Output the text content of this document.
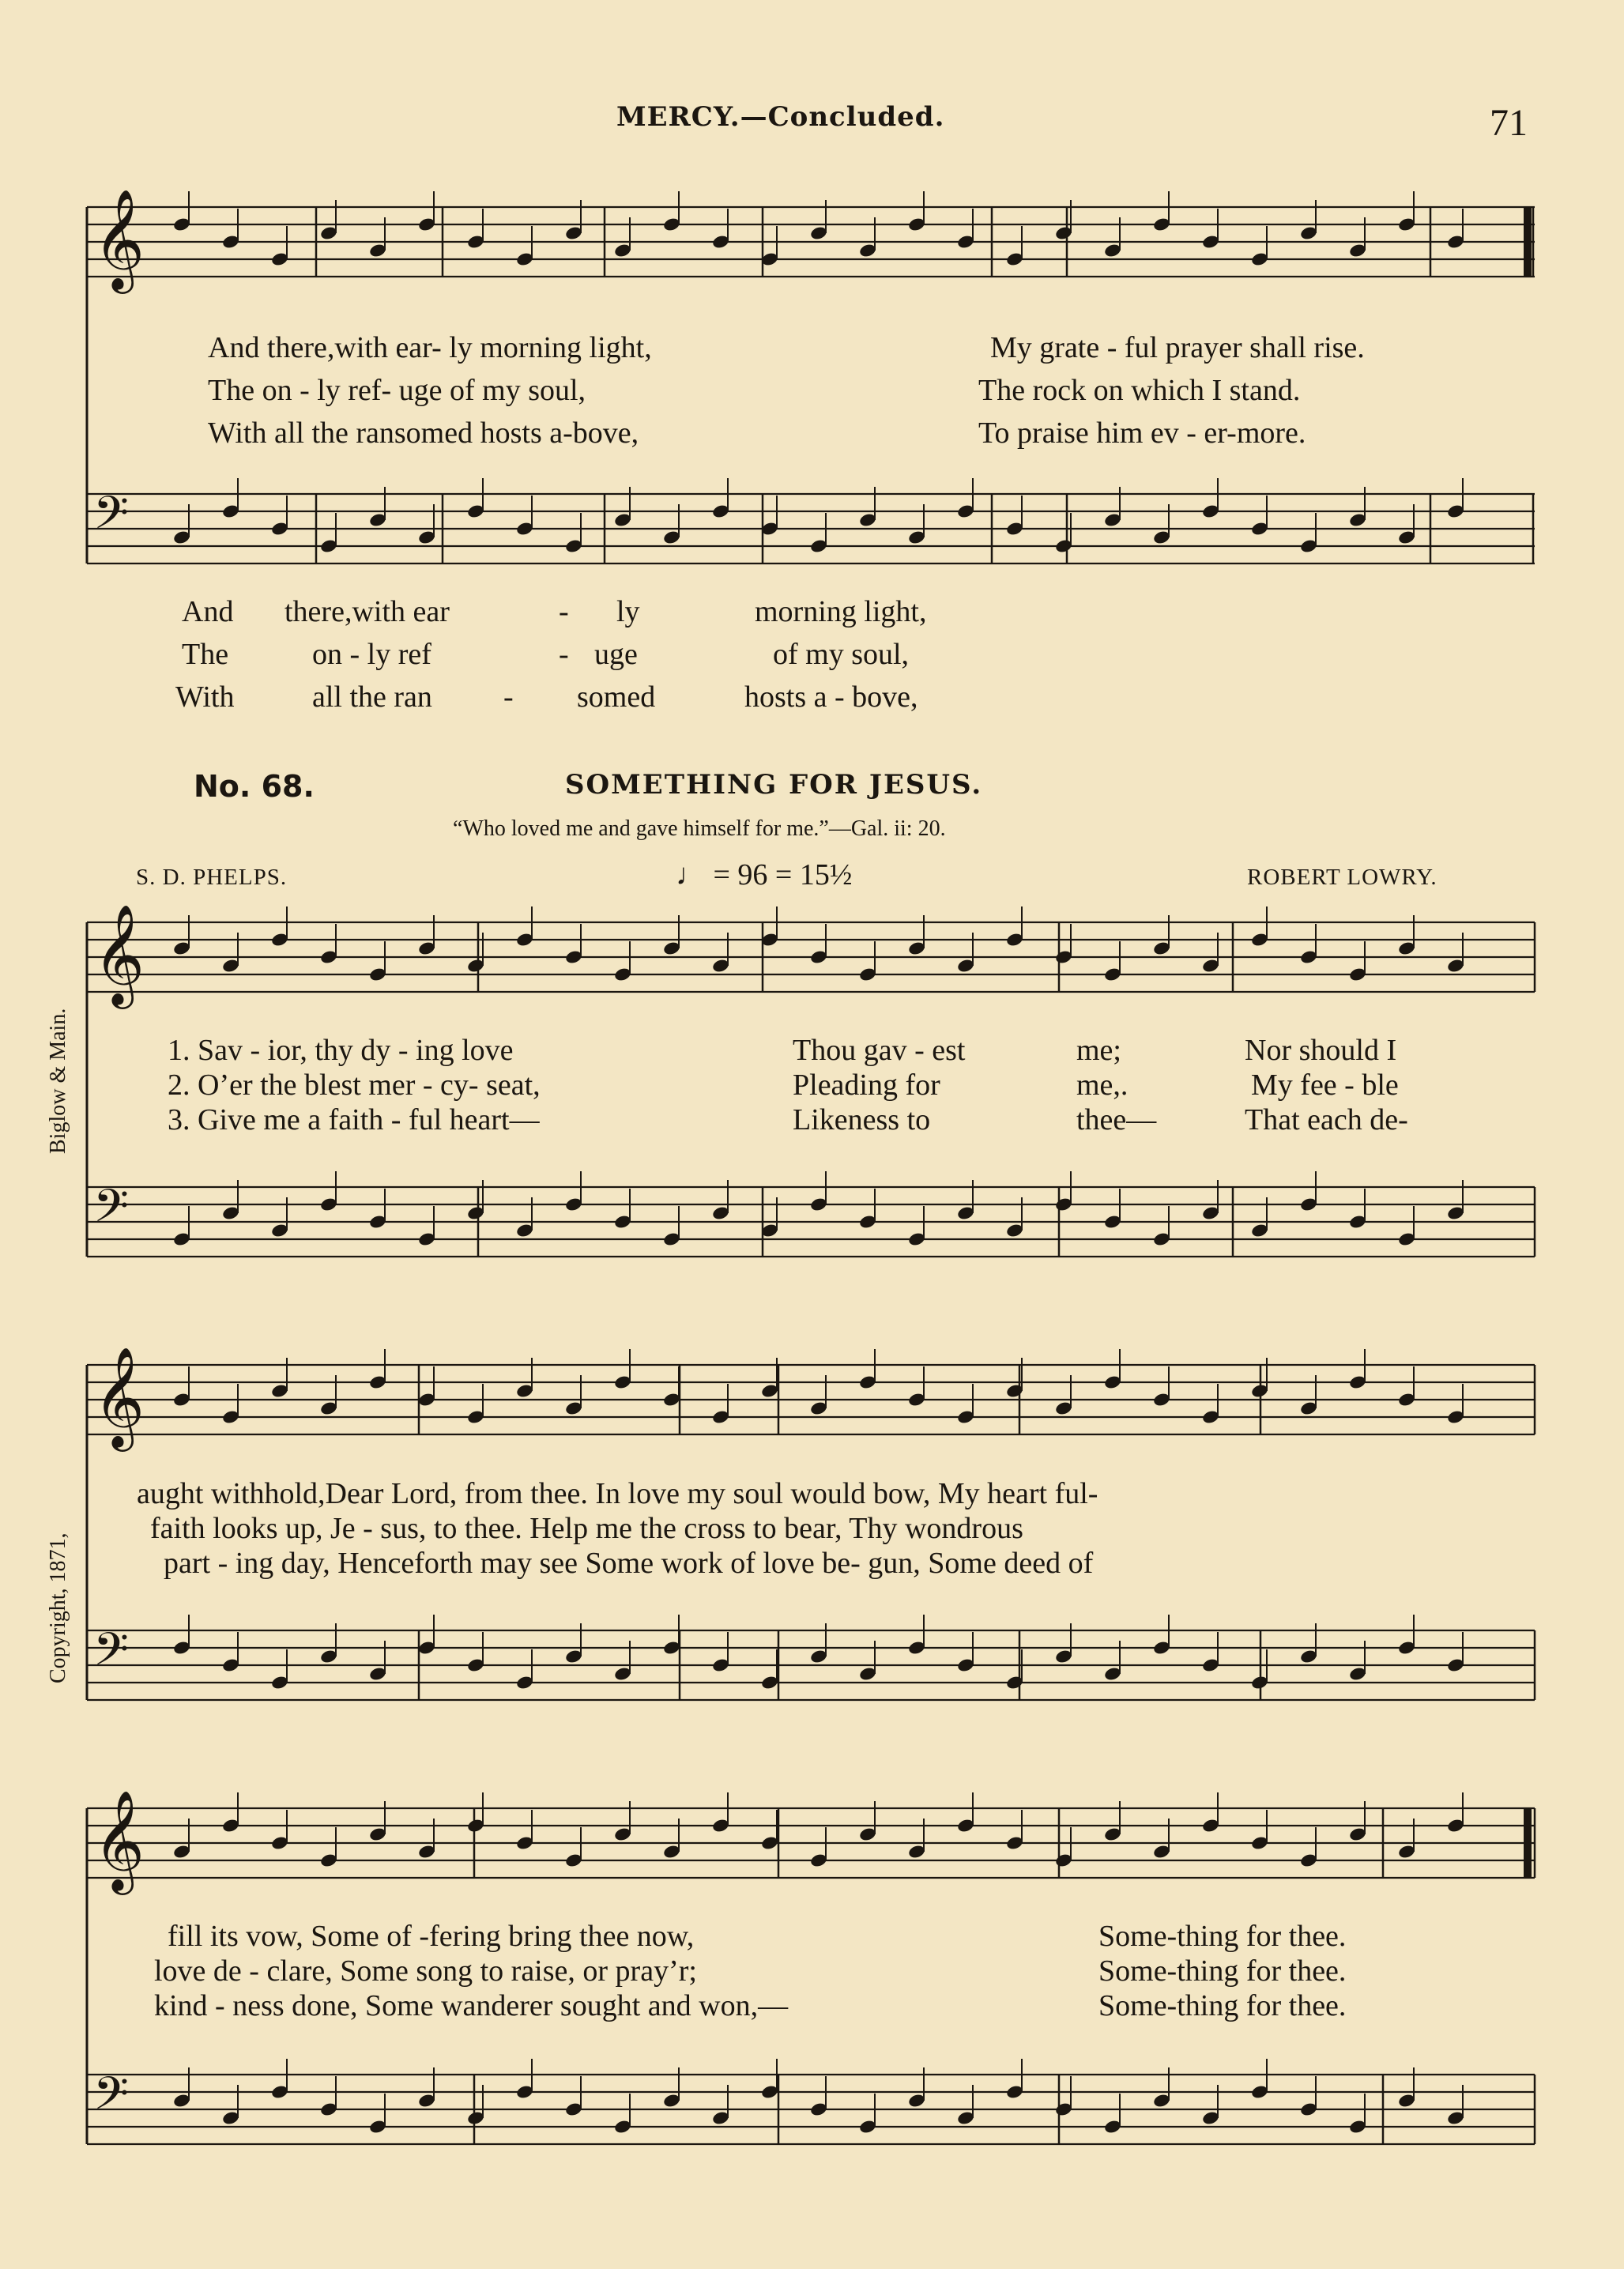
𝄞
𝄢
𝄞
𝄢
𝄞
𝄢
𝄞
𝄢
MERCY.—Concluded.	71
And there,with ear- ly morning light,	My grate - ful prayer shall rise.
The on - ly ref- uge of my soul,	The rock on which I stand.
With all the ransomed hosts a-bove,	To praise him ev - er-more.
And there,with ear	- ly	morning light,
The	on - ly ref	- uge	of my soul,
With	all the ran - somed	hosts a - bove,
No. 68.	SOMETHING FOR JESUS.
“Who loved me and gave himself for me.”—Gal. ii: 20.
S. D. PHELPS.	♩ = 96 = 15½	ROBERT LOWRY.
Biglow & Main.
Copyright, 1871,
1. Sav - ior, thy dy - ing love	Thou gav - est	me;	Nor should I
2. O’er the blest mer - cy- seat,	Pleading for	me,.	My fee - ble
3. Give me a faith - ful heart—	Likeness to	thee—	That each de-
aught withhold,Dear Lord, from thee. In love my soul would bow, My heart ful-
faith looks up, Je - sus, to thee. Help me the cross to bear, Thy wondrous
part - ing day, Henceforth may see Some work of love be- gun, Some deed of
fill its vow, Some of -fering bring thee now,	Some-thing for thee.
love de - clare, Some song to raise, or pray’r;	Some-thing for thee.
kind - ness done, Some wanderer sought and won,—	Some-thing for thee.
